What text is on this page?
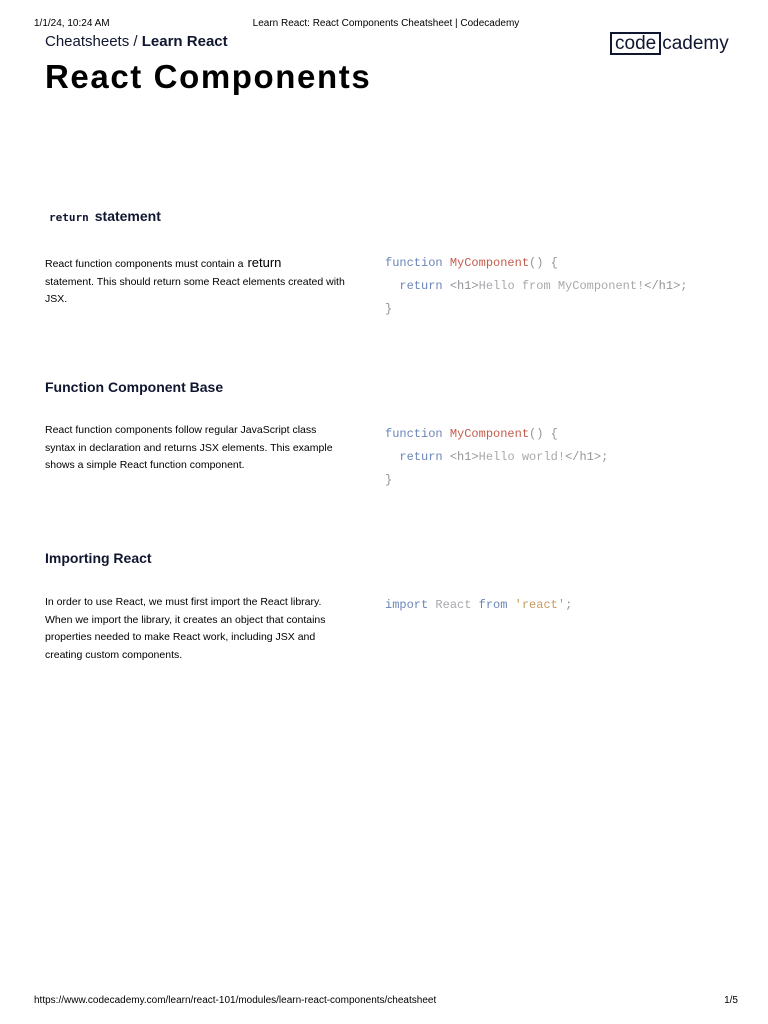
1/1/24, 10:24 AM	Learn React: React Components Cheatsheet | Codecademy
Cheatsheets / Learn React	code cademy
React Components
return statement

React function components must contain a return
statement. This should return some React elements created with JSX.

function MyComponent() {
return <h1>Hello from MyComponent!</h1>;
}
Function Component Base

React function components follow regular JavaScript class syntax in declaration and returns JSX elements. This example shows a simple React function component.

function MyComponent() {
return <h1>Hello world!</h1>;
}
Importing React

In order to use React, we must first import the React library. When we import the library, it creates an object that contains properties needed to make React work, including JSX and creating custom components.

import React from 'react';
https://www.codecademy.com/learn/react-101/modules/learn-react-components/cheatsheet	1/5
